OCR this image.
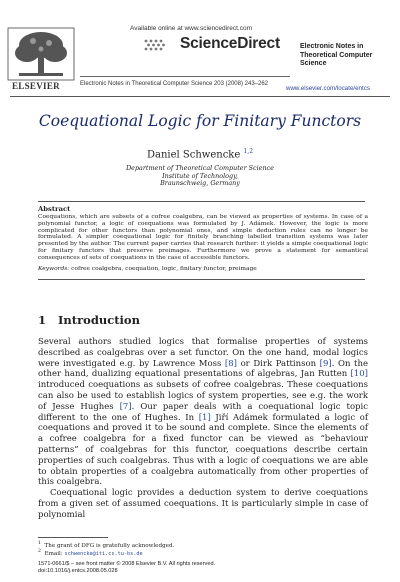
ELSEVIER
Available online at www.sciencedirect.com
ScienceDirect
Electronic Notes in Theoretical Computer Science 203 (2008) 243–262
Electronic Notes in Theoretical Computer Science
www.elsevier.com/locate/entcs
Coequational Logic for Finitary Functors
Daniel Schwencke $^{1,2}$
Department of Theoretical Computer Science
Institute of Technology,
Braunschweig, Germany
Abstract
Coequations, which are subsets of a cofree coalgebra, can be viewed as properties of systems. In case of a polynomial functor, a logic of coequations was formulated by J. Adámek. However, the logic is more complicated for other functors than polynomial ones, and simple deduction rules can no longer be formulated. A simpler coequational logic for finitely branching labelled transition systems was later presented by the author. The current paper carries that research further: it yields a simple coequational logic for finitary functors that preserve preimages. Furthermore we prove a statement for semantical consequences of sets of coequations in the case of accessible functors.
Keywords: cofree coalgebra, coequation, logic, finitary functor, preimage
1 Introduction

Several authors studied logics that formalise properties of systems described as coalgebras over a set functor. On the one hand, modal logics were investigated e.g. by Lawrence Moss [8] or Dirk Pattinson [9]. On the other hand, dualizing equational presentations of algebras, Jan Rutten [10] introduced coequations as subsets of cofree coalgebras. These coequations can also be used to establish logics of system properties, see e.g. the work of Jesse Hughes [7]. Our paper deals with a coequational logic topic different to the one of Hughes. In [1] Jiří Adámek formulated a logic of coequations and proved it to be sound and complete. Since the elements of a cofree coalgebra for a fixed functor can be viewed as “behaviour patterns” of coalgebras for this functor, coequations describe certain properties of such coalgebras. Thus with a logic of coequations we are able to obtain properties of a coalgebra automatically from other properties of this coalgebra.

Coequational logic provides a deduction system to derive coequations from a given set of assumed coequations. It is particularly simple in case of polynomial

$^1$ The grant of DFG is gratefully acknowledged.
$^2$ Email: schwencke@iti.cs.tu-bs.de
1571-0661/$ – see front matter © 2008 Elsevier B.V. All rights reserved.
doi:10.1016/j.entcs.2008.05.028
